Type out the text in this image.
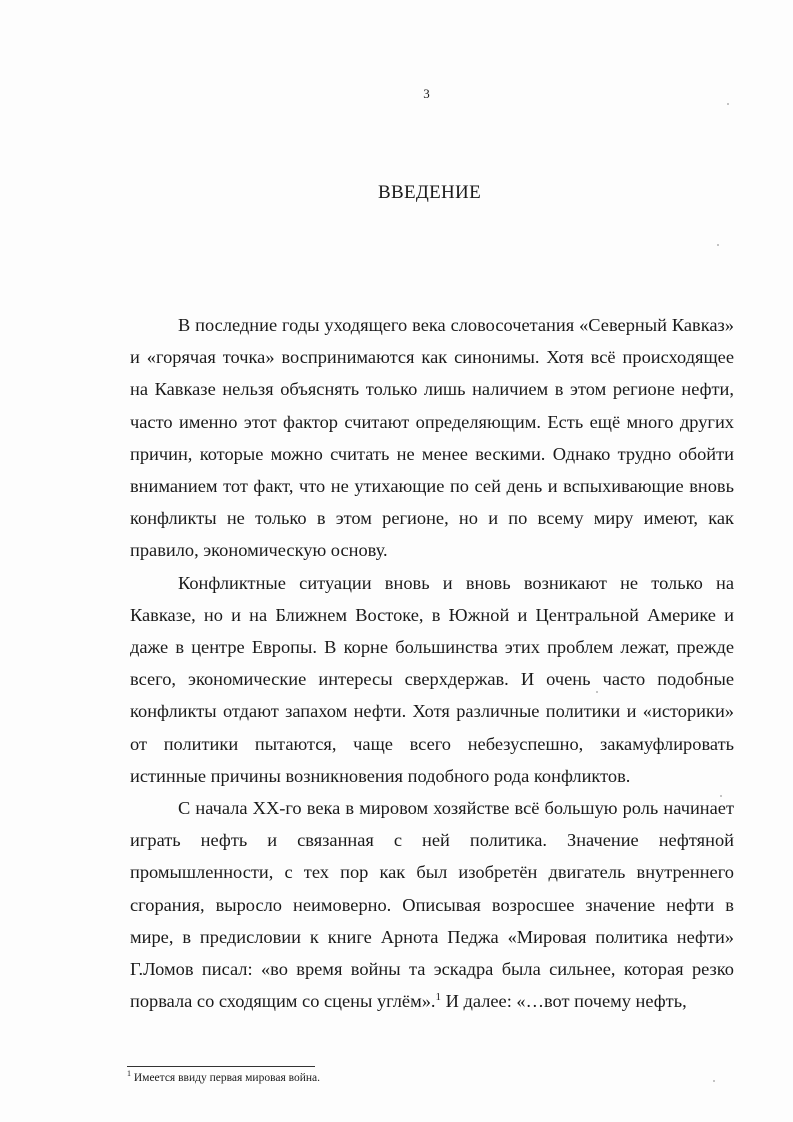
3
ВВЕДЕНИЕ

В последние годы уходящего века словосочетания «Северный Кавказ» и «горячая точка» воспринимаются как синонимы. Хотя всё происходящее на Кавказе нельзя объяснять только лишь наличием в этом регионе нефти, часто именно этот фактор считают определяющим. Есть ещё много других причин, которые можно считать не менее вескими. Однако трудно обойти вниманием тот факт, что не утихающие по сей день и вспыхивающие вновь конфликты не только в этом регионе, но и по всему миру имеют, как правило, экономическую основу.

Конфликтные ситуации вновь и вновь возникают не только на Кавказе, но и на Ближнем Востоке, в Южной и Центральной Америке и даже в центре Европы. В корне большинства этих проблем лежат, прежде всего, экономические интересы сверхдержав. И очень часто подобные конфликты отдают запахом нефти. Хотя различные политики и «историки» от политики пытаются, чаще всего небезуспешно, закамуфлировать истинные причины возникновения подобного рода конфликтов.

С начала XX-го века в мировом хозяйстве всё большую роль начинает играть нефть и связанная с ней политика. Значение нефтяной промышленности, с тех пор как был изобретён двигатель внутреннего сгорания, выросло неимоверно. Описывая возросшее значение нефти в мире, в предисловии к книге Арнота Педжа «Мировая политика нефти» Г.Ломов писал: «во время войны та эскадра была сильнее, которая резко порвала со сходящим со сцены углём».$^1$ И далее: «…вот почему нефть,

$^1$ Имеется ввиду первая мировая война.
